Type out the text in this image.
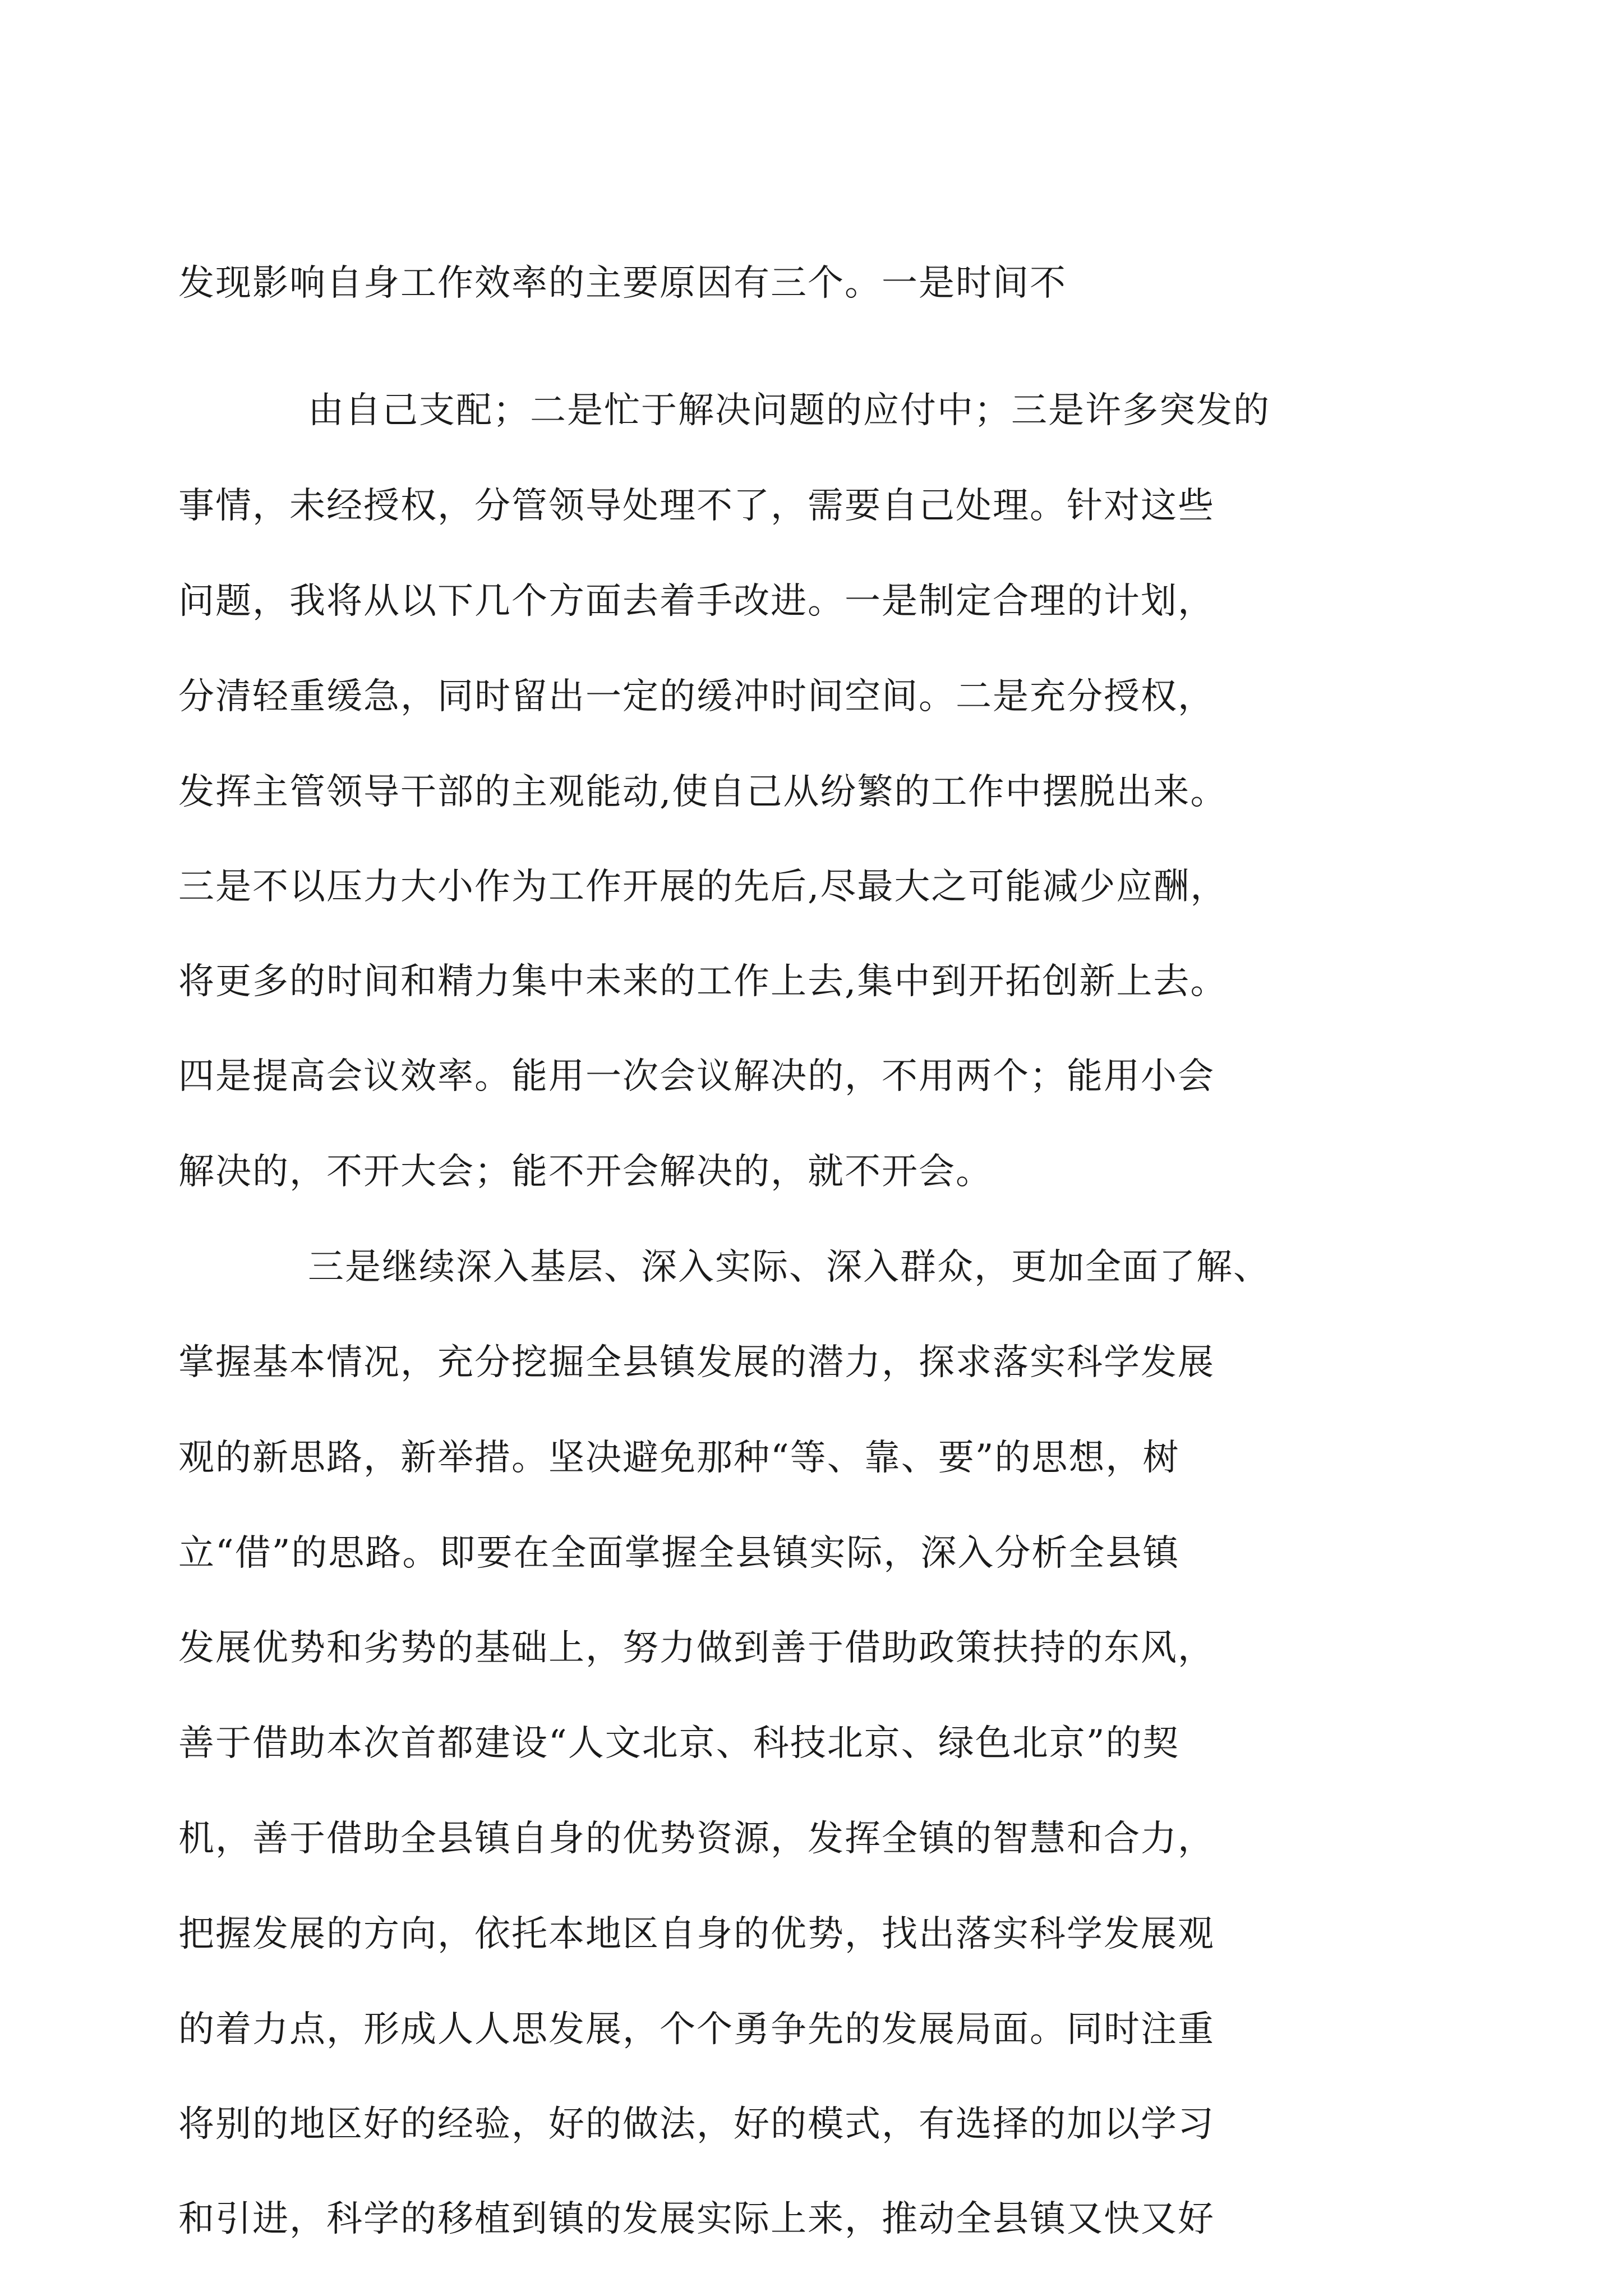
发现影响自身工作效率的主要原因有三个。一是时间不

由自己支配；二是忙于解决问题的应付中；三是许多突发的

事情，未经授权，分管领导处理不了，需要自己处理。针对这些

问题，我将从以下几个方面去着手改进。一是制定合理的计划，

分清轻重缓急，同时留出一定的缓冲时间空间。二是充分授权，

发挥主管领导干部的主观能动,使自己从纷繁的工作中摆脱出来。

三是不以压力大小作为工作开展的先后,尽最大之可能减少应酬，

将更多的时间和精力集中未来的工作上去,集中到开拓创新上去。

四是提高会议效率。能用一次会议解决的，不用两个；能用小会

解决的，不开大会；能不开会解决的，就不开会。

三是继续深入基层、深入实际、深入群众，更加全面了解、

掌握基本情况，充分挖掘全县镇发展的潜力，探求落实科学发展

观的新思路，新举措。坚决避免那种“等、靠、要”的思想，树

立“借”的思路。即要在全面掌握全县镇实际，深入分析全县镇

发展优势和劣势的基础上，努力做到善于借助政策扶持的东风，

善于借助本次首都建设“人文北京、科技北京、绿色北京”的契

机，善于借助全县镇自身的优势资源，发挥全镇的智慧和合力，

把握发展的方向，依托本地区自身的优势，找出落实科学发展观

的着力点，形成人人思发展，个个勇争先的发展局面。同时注重

将别的地区好的经验，好的做法，好的模式，有选择的加以学习

和引进，科学的移植到镇的发展实际上来，推动全县镇又快又好
